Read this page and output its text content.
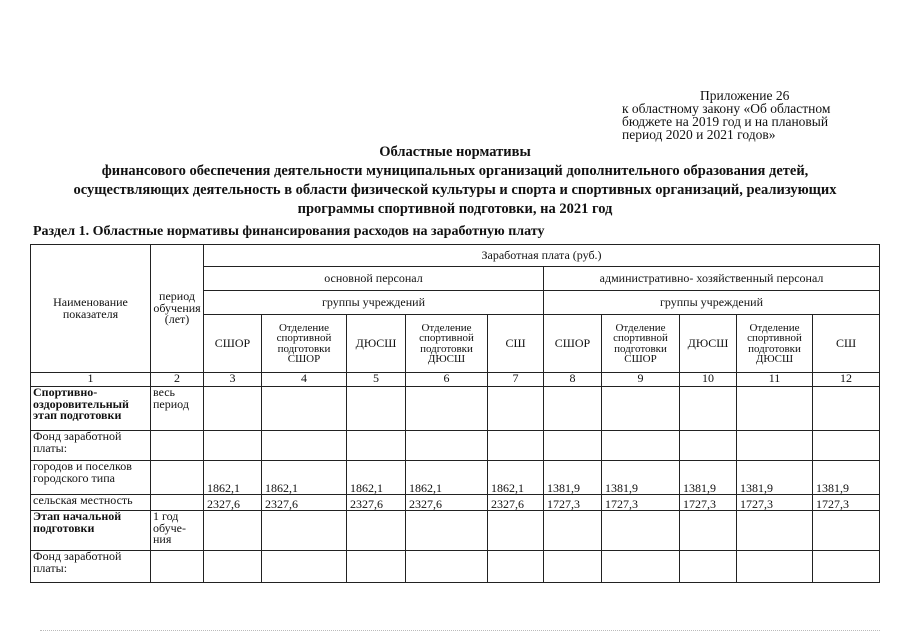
Приложение 26
к областному закону «Об областном
бюджете на 2019 год и на плановый
период 2020 и 2021 годов»
Областные нормативы
финансового обеспечения деятельности муниципальных организаций дополнительного образования детей,
осуществляющих деятельность в области физической культуры и спорта и спортивных организаций, реализующих
программы спортивной подготовки, на 2021 год
Раздел 1. Областные нормативы финансирования расходов на заработную плату
Наименование показателя	период обучения (лет)	Заработная плата (руб.)									
		основной персонал					административно- хозяйственный персонал				
		группы учреждений					группы учреждений				
		СШОР	Отделение спортивной подготовки СШОР	ДЮСШ	Отделение спортивной подготовки ДЮСШ	СШ	СШОР	Отделение спортивной подготовки СШОР	ДЮСШ	Отделение спортивной подготовки ДЮСШ	СШ
1	2	3	4	5	6	7	8	9	10	11	12
Спортивно-оздоровительный этап подготовки	весь период										
Фонд заработной платы:											
городов и поселков городского типа		1862,1	1862,1	1862,1	1862,1	1862,1	1381,9	1381,9	1381,9	1381,9	1381,9
сельская местность		2327,6	2327,6	2327,6	2327,6	2327,6	1727,3	1727,3	1727,3	1727,3	1727,3
Этап начальной подготовки	1 год обуче-ния										
Фонд заработной платы:											
